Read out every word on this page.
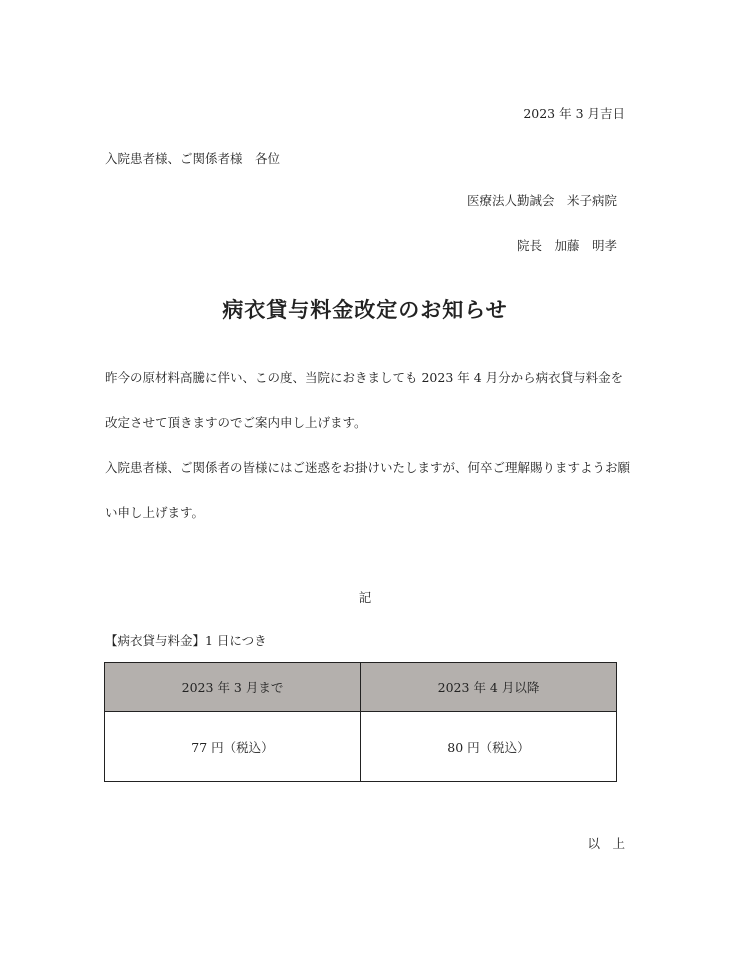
2023 年 3 月吉日
入院患者様、ご関係者様　各位
医療法人勤誠会　米子病院
院長　加藤　明孝
病衣貸与料金改定のお知らせ
昨今の原材料高騰に伴い、この度、当院におきましても 2023 年 4 月分から病衣貸与料金を改定させて頂きますのでご案内申し上げます。
入院患者様、ご関係者の皆様にはご迷惑をお掛けいたしますが、何卒ご理解賜りますようお願い申し上げます。
記
【病衣貸与料金】1 日につき
2023 年 3 月まで	2023 年 4 月以降
77 円（税込）	80 円（税込）
以　上
